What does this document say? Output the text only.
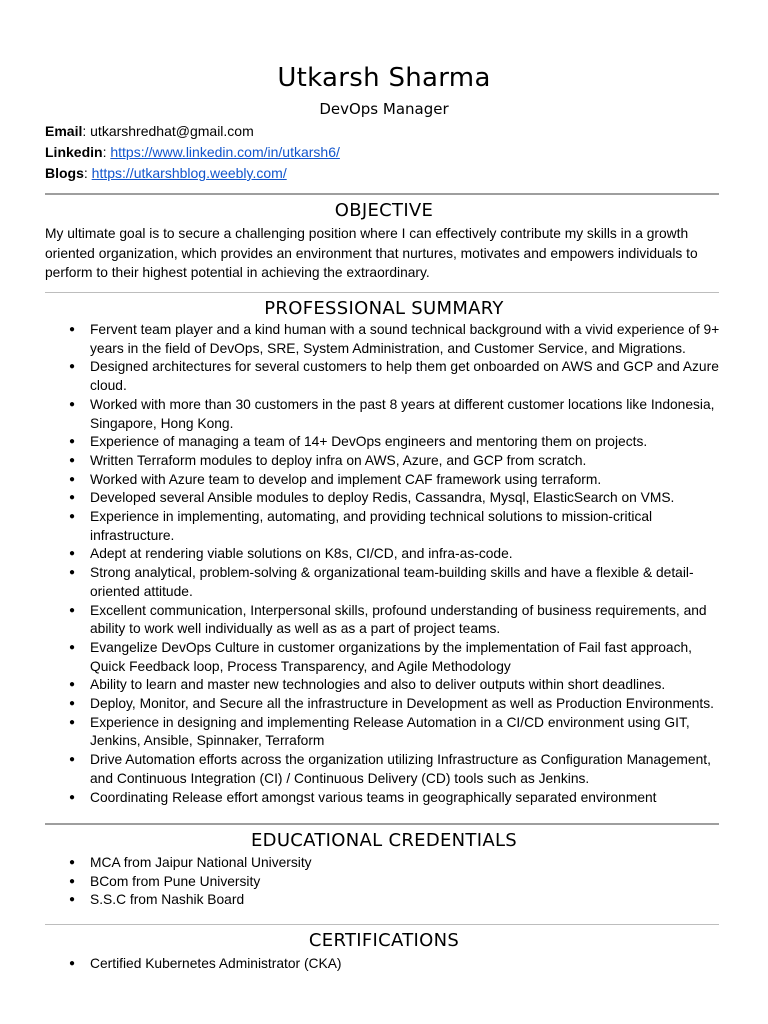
Utkarsh Sharma
DevOps Manager
Email: utkarshredhat@gmail.com
Linkedin: https://www.linkedin.com/in/utkarsh6/
Blogs: https://utkarshblog.weebly.com/
OBJECTIVE
My ultimate goal is to secure a challenging position where I can effectively contribute my skills in a growth oriented organization, which provides an environment that nurtures, motivates and empowers individuals to perform to their highest potential in achieving the extraordinary.
PROFESSIONAL SUMMARY
● Fervent team player and a kind human with a sound technical background with a vivid experience of 9+ years in the field of DevOps, SRE, System Administration, and Customer Service, and Migrations.
● Designed architectures for several customers to help them get onboarded on AWS and GCP and Azure cloud.
● Worked with more than 30 customers in the past 8 years at different customer locations like Indonesia, Singapore, Hong Kong.
● Experience of managing a team of 14+ DevOps engineers and mentoring them on projects.
● Written Terraform modules to deploy infra on AWS, Azure, and GCP from scratch.
● Worked with Azure team to develop and implement CAF framework using terraform.
● Developed several Ansible modules to deploy Redis, Cassandra, Mysql, ElasticSearch on VMS.
● Experience in implementing, automating, and providing technical solutions to mission-critical infrastructure.
● Adept at rendering viable solutions on K8s, CI/CD, and infra-as-code.
● Strong analytical, problem-solving & organizational team-building skills and have a flexible & detail-oriented attitude.
● Excellent communication, Interpersonal skills, profound understanding of business requirements, and ability to work well individually as well as as a part of project teams.
● Evangelize DevOps Culture in customer organizations by the implementation of Fail fast approach, Quick Feedback loop, Process Transparency, and Agile Methodology
● Ability to learn and master new technologies and also to deliver outputs within short deadlines.
● Deploy, Monitor, and Secure all the infrastructure in Development as well as Production Environments.
● Experience in designing and implementing Release Automation in a CI/CD environment using GIT, Jenkins, Ansible, Spinnaker, Terraform
● Drive Automation efforts across the organization utilizing Infrastructure as Configuration Management, and Continuous Integration (CI) / Continuous Delivery (CD) tools such as Jenkins.
● Coordinating Release effort amongst various teams in geographically separated environment
EDUCATIONAL CREDENTIALS
● MCA from Jaipur National University
● BCom from Pune University
● S.S.C from Nashik Board
CERTIFICATIONS
● Certified Kubernetes Administrator (CKA)
